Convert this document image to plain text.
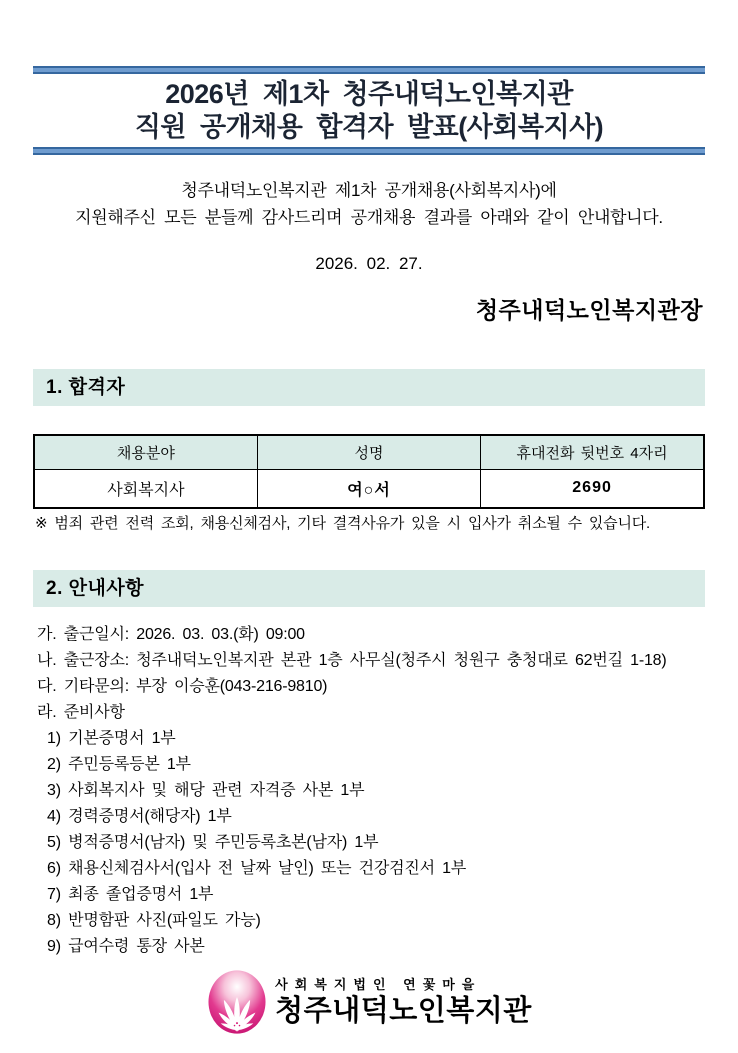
2026년 제1차 청주내덕노인복지관
직원 공개채용 합격자 발표(사회복지사)

청주내덕노인복지관 제1차 공개채용(사회복지사)에
지원해주신 모든 분들께 감사드리며 공개채용 결과를 아래와 같이 안내합니다.

2026. 02. 27.

청주내덕노인복지관장

1. 합격자
채용분야	성명	휴대전화 뒷번호 4자리
사회복지사	여○서	2690

※ 범죄 관련 전력 조회, 채용신체검사, 기타 결격사유가 있을 시 입사가 취소될 수 있습니다.

2. 안내사항
가. 출근일시: 2026. 03. 03.(화) 09:00
나. 출근장소: 청주내덕노인복지관 본관 1층 사무실(청주시 청원구 충청대로 62번길 1-18)
다. 기타문의: 부장 이승훈(043-216-9810)
라. 준비사항
1) 기본증명서 1부
2) 주민등록등본 1부
3) 사회복지사 및 해당 관련 자격증 사본 1부
4) 경력증명서(해당자) 1부
5) 병적증명서(남자) 및 주민등록초본(남자) 1부
6) 채용신체검사서(입사 전 날짜 날인) 또는 건강검진서 1부
7) 최종 졸업증명서 1부
8) 반명함판 사진(파일도 가능)
9) 급여수령 통장 사본
사회복지법인 연꽃마을
청주내덕노인복지관
